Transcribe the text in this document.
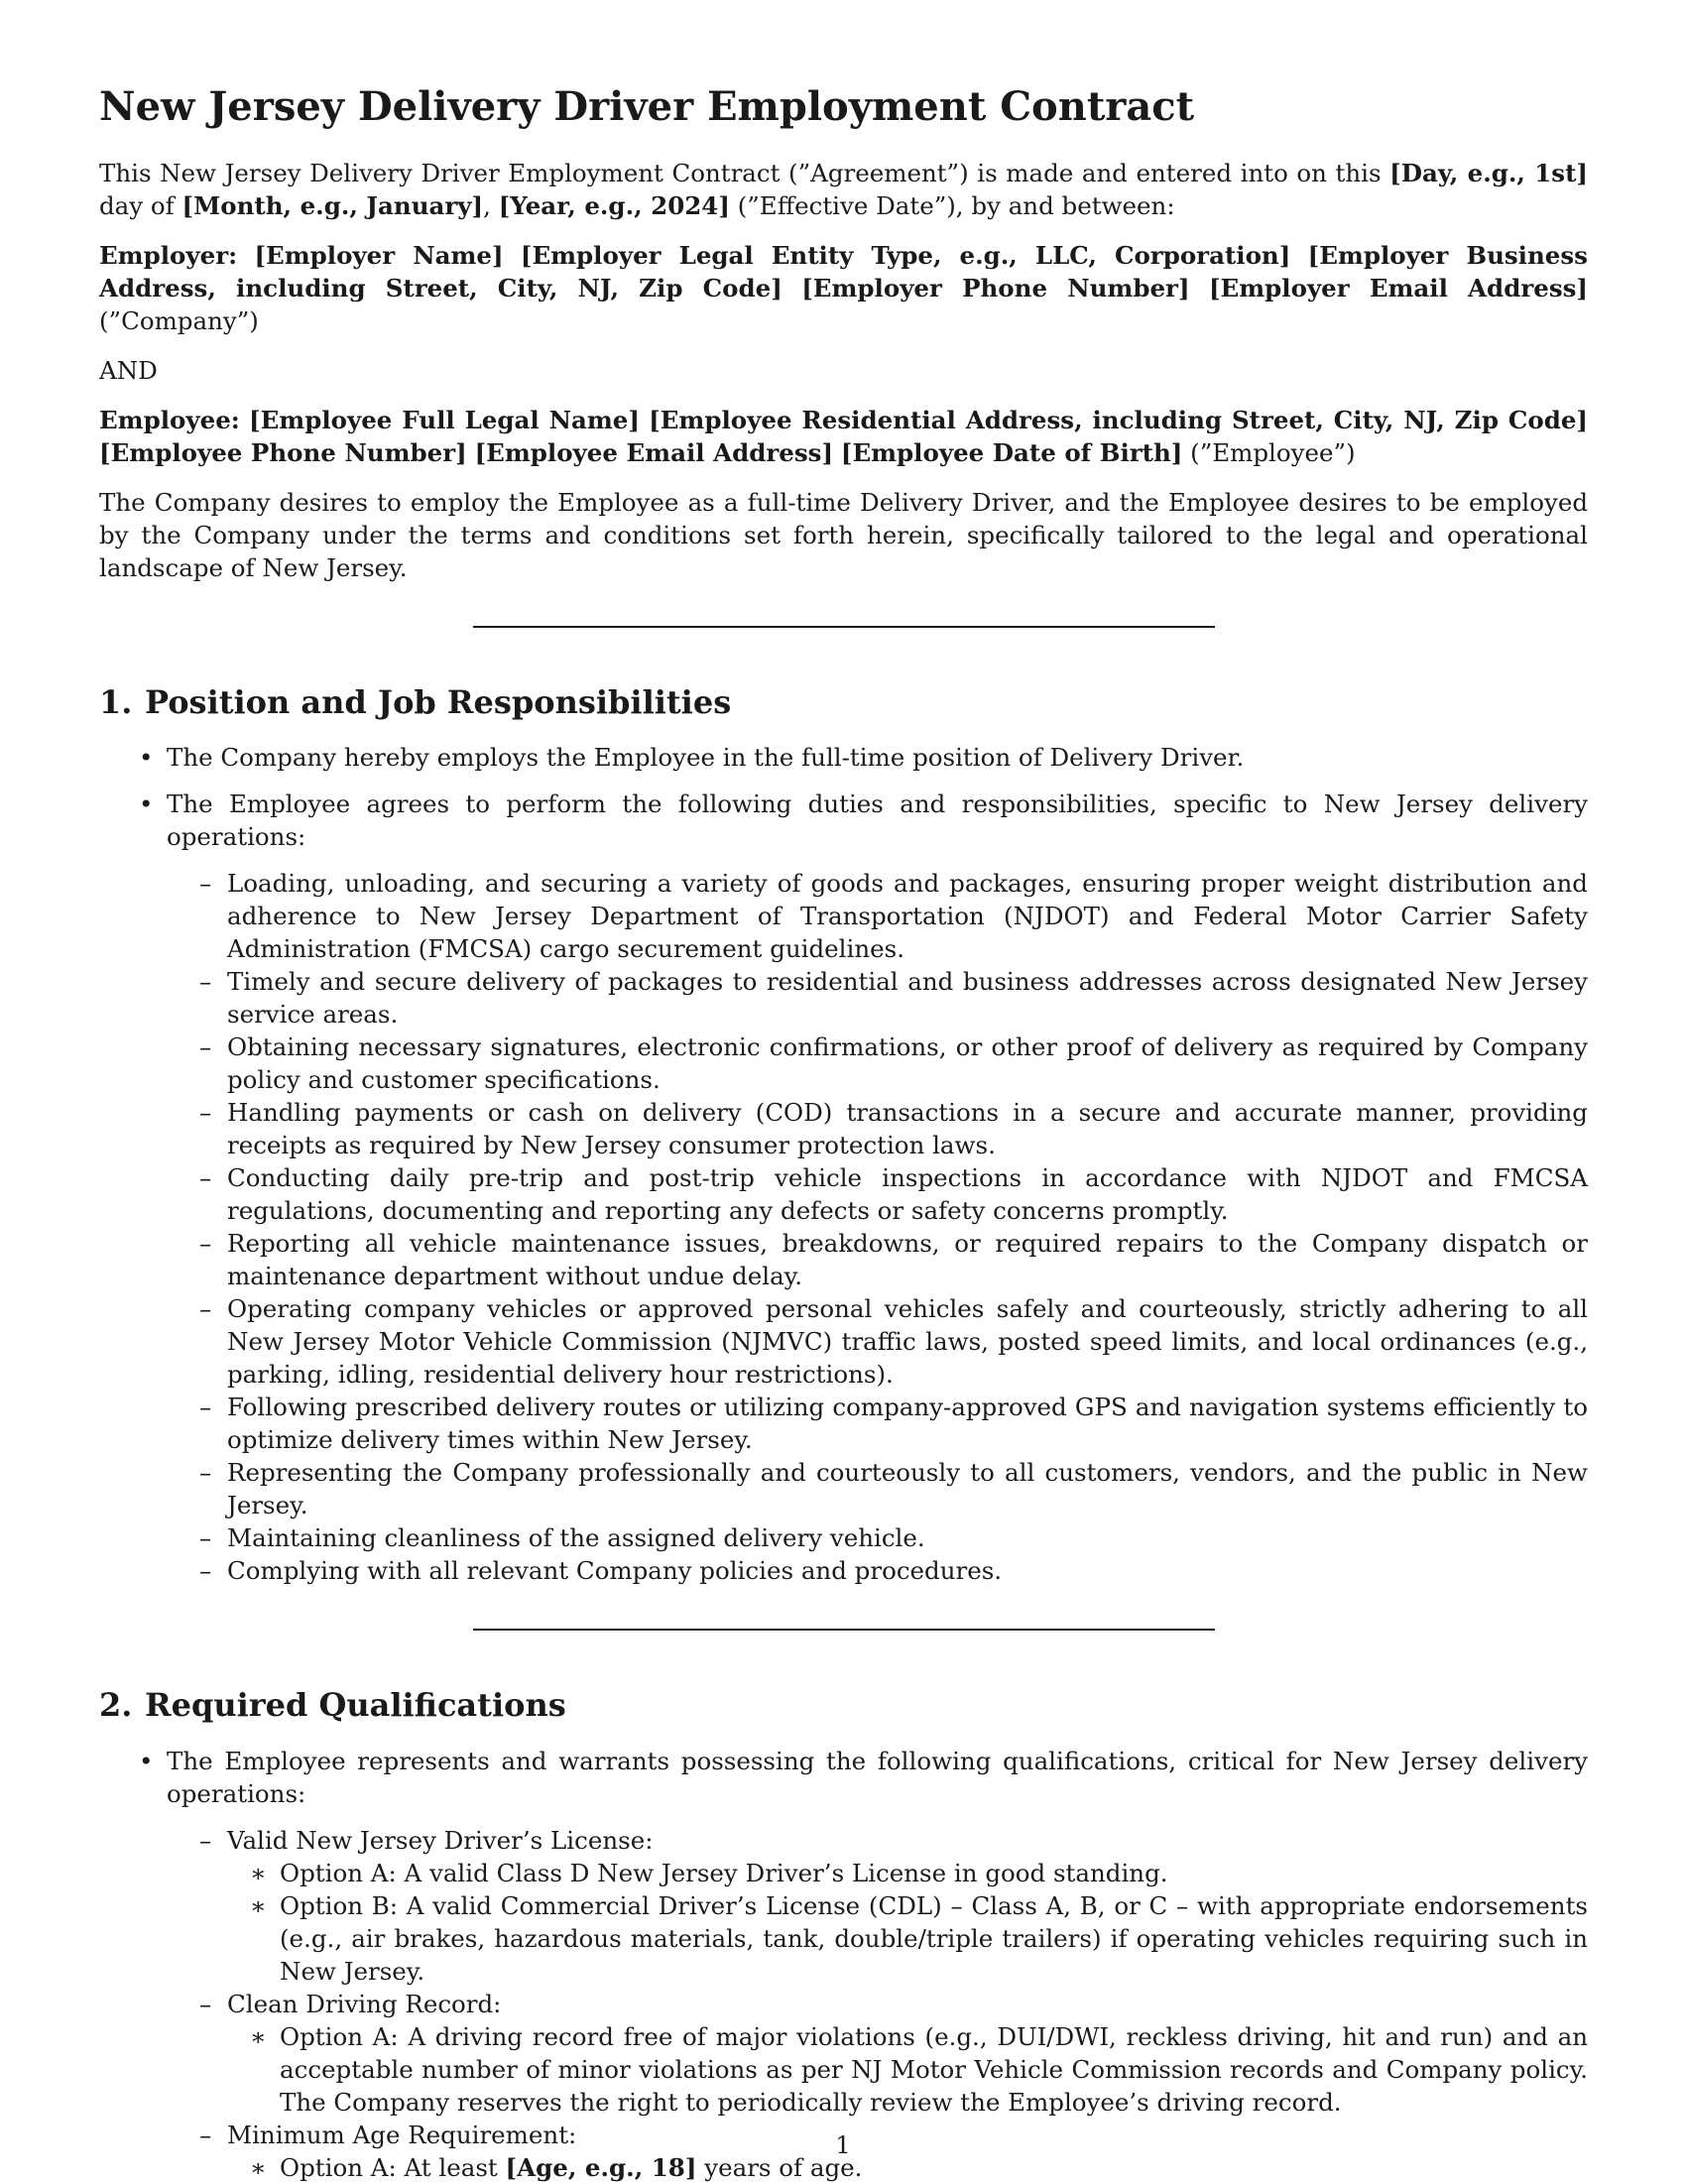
New Jersey Delivery Driver Employment Contract

This New Jersey Delivery Driver Employment Contract (”Agreement”) is made and entered into on this [Day, e.g., 1st] day of [Month, e.g., January], [Year, e.g., 2024] (”Effective Date”), by and between:

Employer: [Employer Name] [Employer Legal Entity Type, e.g., LLC, Corporation] [Employer Business Address, including Street, City, NJ, Zip Code] [Employer Phone Number] [Employer Email Address] (”Company”)

AND

Employee: [Employee Full Legal Name] [Employee Residential Address, including Street, City, NJ, Zip Code] [Employee Phone Number] [Employee Email Address] [Employee Date of Birth] (”Employee”)

The Company desires to employ the Employee as a full-time Delivery Driver, and the Employee desires to be employed by the Company under the terms and conditions set forth herein, specifically tailored to the legal and operational landscape of New Jersey.

1. Position and Job Responsibilities
• The Company hereby employs the Employee in the full-time position of Delivery Driver.
• The Employee agrees to perform the following duties and responsibilities, specific to New Jersey delivery operations:
– Loading, unloading, and securing a variety of goods and packages, ensuring proper weight distribution and adherence to New Jersey Department of Transportation (NJDOT) and Federal Motor Carrier Safety Administration (FMCSA) cargo securement guidelines.
– Timely and secure delivery of packages to residential and business addresses across designated New Jersey service areas.
– Obtaining necessary signatures, electronic confirmations, or other proof of delivery as required by Company policy and customer specifications.
– Handling payments or cash on delivery (COD) transactions in a secure and accurate manner, providing receipts as required by New Jersey consumer protection laws.
– Conducting daily pre-trip and post-trip vehicle inspections in accordance with NJDOT and FMCSA regulations, documenting and reporting any defects or safety concerns promptly.
– Reporting all vehicle maintenance issues, breakdowns, or required repairs to the Company dispatch or maintenance department without undue delay.
– Operating company vehicles or approved personal vehicles safely and courteously, strictly adhering to all New Jersey Motor Vehicle Commission (NJMVC) traffic laws, posted speed limits, and local ordinances (e.g., parking, idling, residential delivery hour restrictions).
– Following prescribed delivery routes or utilizing company-approved GPS and navigation systems efficiently to optimize delivery times within New Jersey.
– Representing the Company professionally and courteously to all customers, vendors, and the public in New Jersey.
– Maintaining cleanliness of the assigned delivery vehicle.
– Complying with all relevant Company policies and procedures.
2. Required Qualifications
• The Employee represents and warrants possessing the following qualifications, critical for New Jersey delivery operations:
– Valid New Jersey Driver’s License:
∗ Option A: A valid Class D New Jersey Driver’s License in good standing.
∗ Option B: A valid Commercial Driver’s License (CDL) – Class A, B, or C – with appropriate endorsements (e.g., air brakes, hazardous materials, tank, double/triple trailers) if operating vehicles requiring such in New Jersey.
– Clean Driving Record:
∗ Option A: A driving record free of major violations (e.g., DUI/DWI, reckless driving, hit and run) and an acceptable number of minor violations as per NJ Motor Vehicle Commission records and Company policy. The Company reserves the right to periodically review the Employee’s driving record.
– Minimum Age Requirement:
∗ Option A: At least [Age, e.g., 18] years of age.
1
